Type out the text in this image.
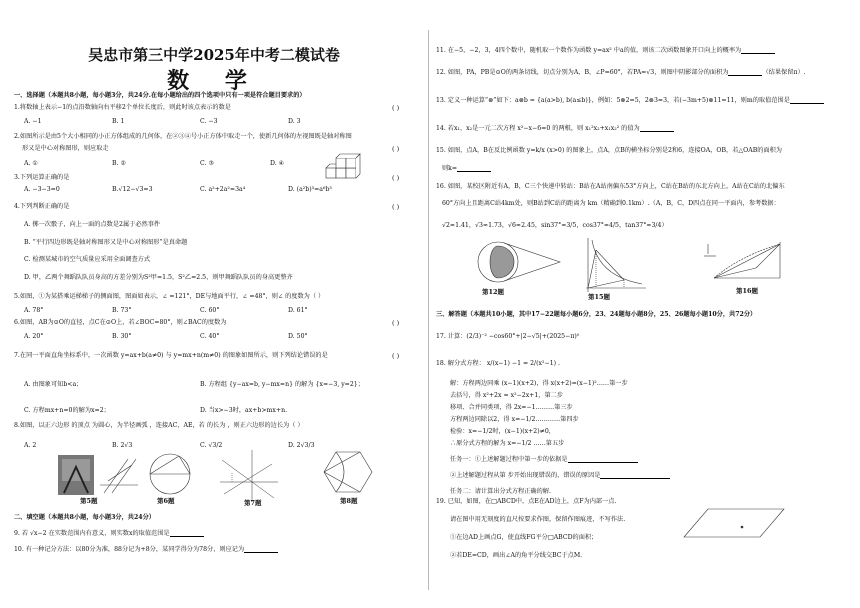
吴忠市第三中学2025年中考二模试卷
数 学
一、选择题（本题共8小题，每小题3分，共24分.在每小题给出的四个选项中只有一项是符合题目要求的）
1.将数轴上表示−1的点沿数轴向右平移2个单位长度后，则此时该点表示的数是	( )
A. −1	B. 1	C. −3	D. 3
2.如图所示是由5个大小相同的小正方体组成的几何体，在②③④号小正方体中取走一个，使新几何体的左视图既是轴对称图
形又是中心对称图形，则应取走	( )
A. ①	B. ②	C. ③	D. ④
3.下列运算正确的是	( )
A. −3−3=0	B.√12−√3=3	C. a²+2a²=3a⁴	D. (a²b)³=a⁶b³
4.下列判断正确的是	( )
A. 掷一次骰子，向上一面的点数是2属于必然事件
B. “平行四边形既是轴对称图形又是中心对称图形”是真命题
C. 检测某城市的空气质量应采用全面调查方式
D. 甲，乙两个舞蹈队队员身高的方差分别为S²甲=1.5，S²乙=2.5，则甲舞蹈队队员的身高更整齐
5.如图，①为某搭乘运梯梯子的侧面图，图面如表示，∠ =121°，DE与地面平行，∠ =48°，则∠ 的度数为（ ）
A. 78°	B. 73°	C. 60°	D. 61°
6.如图，AB为⊙O的直径，点C在⊙O上，若∠BOC=80°，则∠BAC的度数为	( )
A. 20°	B. 30°	C. 40°	D. 50°
7.在同一平面直角坐标系中，一次函数 y=ax+b(a≠0) 与 y=mx+n(m≠0) 的图象如图所示，则下列结论错误的是	( )
A. 由图象可知b<a；	B. 方程组 {y−ax=b, y−mx=n} 的解为 {x=−3, y=2}；
C. 方程mx+n=0的解为x=2；	D. 当x>−3时，ax+b>mx+n.
8.如图，以正六边形 的顶点 为圆心，为半径画弧 ，连接AC，AE，若 的长为 ，则正六边形的边长为（ ）
A. 2	B. 2√3	C. √3/2	D. 2√3/3
第5题	第6题	第7题	第8题
二、填空题（本题共8小题，每小题3分，共24分）
9. 若 √x−2 在实数范围内有意义，则实数x的取值范围是
10. 有一种记分方法：以80分为准，88分记为+8分，某同学得分为78分，则应记为
11. 在−5，−2，3，4四个数中，随机取一个数作为函数 y=ax² 中a的值，则该二次函数图象开口向上的概率为
12. 如图，PA，PB是⊙O的两条切线，切点分别为A，B，∠P=60°，若PA=√3，则图中阴影部分的面积为	（结果保留π）.
13. 定义一种运算“⊗”如下：a⊗b = {a(a>b), b(a≤b)}，例如：5⊗2=5，2⊗3=3，若(−3m+5)⊗11=11，则m的取值范围是
14. 若x₁，x₂是一元二次方程 x²−x−6=0 的两根，则 x₁²x₂+x₁x₂² 的值为
15. 如图，点A，B在反比例函数 y=k/x (x>0) 的图象上，点A，点B的横坐标分别是2和6，连接OA，OB，若△OAB的面积为
则k=
16. 如图，某校区附近有A，B，C三个快递中转站：B站在A站南偏东53°方向上，C站在B站的东北方向上，A站在C站的北偏东
60°方向上且距离C站4km处，则B站到C站的距离为 km（精确到0.1km）.（A，B，C，D四点在同一平面内，参考数据：
√2≈1.41，√3≈1.73，√6≈2.45，sin37°≈3/5，cos37°≈4/5，tan37°≈3/4）
第12题
第15题
第16题
三、解答题（本题共10小题，其中17−22题每小题6分，23、24题每小题8分，25、26题每小题10分，共72分）
17. 计算：(2/3)⁻² −cos60°+|2−√5|+(2025−π)⁰
18. 解分式方程： x/(x−1) −1 = 2/(x²−1) .
解：方程两边同乘 (x−1)(x+2)，得 x(x+2)=(x−1)²……第一步
去括号，得 x²+2x = x²−2x+1，第二步
移项、合并同类项，得 2x=−1………第三步
方程两边同除以2，得 x=−1/2…………第四步
检验：x=−1/2时，(x−1)(x+2)≠0，
∴原分式方程的解为 x=−1/2 ……第五步
任务一：①上述解题过程中第一步的依据是
②上述解题过程从第 步开始出现错误的，错误的原因是
任务二：请计算出分式方程正确的解.
19. 已知，如图，在□ABCD中，点E在AD边上，点F为内部一点.
请在图中用无刻度的直尺按要求作图，保留作图痕迹，不写作法.
①在边AD上画点G，使直线FG平分□ABCD的面积；
②若DE=CD，画出∠A的角平分线交BC于点M.
